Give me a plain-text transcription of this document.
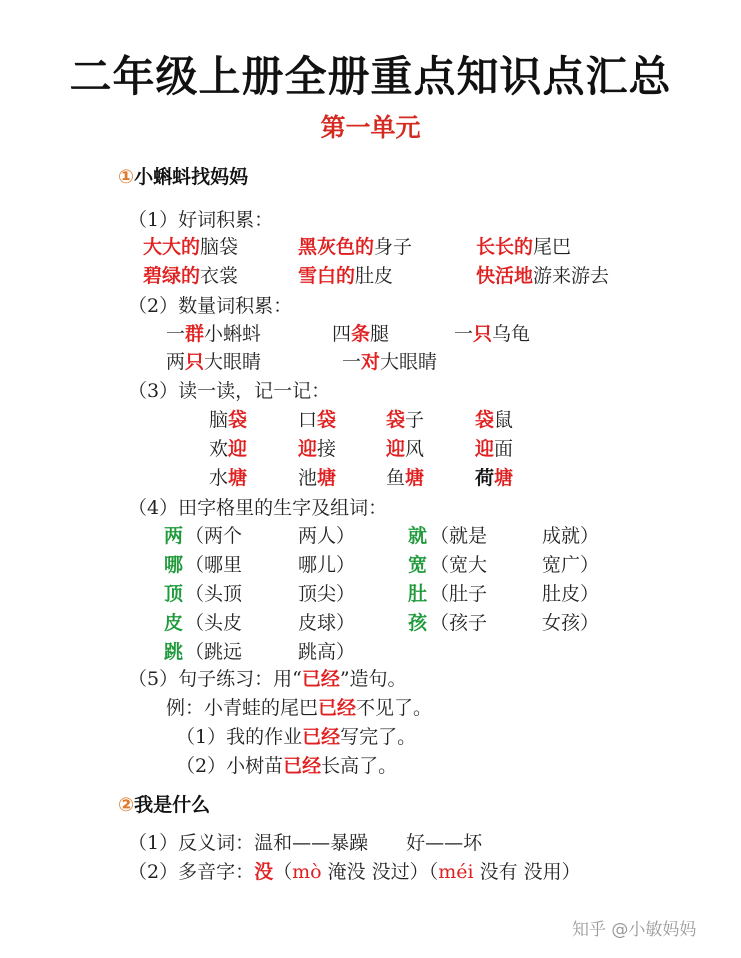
二年级上册全册重点知识点汇总
第一单元
①小蝌蚪找妈妈
（1）好词积累：
大大的脑袋	黑灰色的身子	长长的尾巴
碧绿的衣裳	雪白的肚皮	快活地游来游去
（2）数量词积累：
一群小蝌蚪	四条腿	一只乌龟
两只大眼睛	一对大眼睛
（3）读一读，记一记：
脑袋	口袋	袋子	袋鼠
欢迎	迎接	迎风	迎面
水塘	池塘	鱼塘	荷塘
（4）田字格里的生字及组词：
两 （两个	两人）	就 （就是	成就）
哪 （哪里	哪儿）	宽 （宽大	宽广）
顶 （头顶	顶尖）	肚 （肚子	肚皮）
皮 （头皮	皮球）	孩 （孩子	女孩）
跳 （跳远	跳高）
（5）句子练习：用“已经”造句。
例：小青蛙的尾巴已经不见了。
（1）我的作业已经写完了。
（2）小树苗已经长高了。
②我是什么
（1）反义词：温和——暴躁　　好——坏
（2）多音字：没（mò 淹没 没过）（méi 没有 没用）
知乎 @小敏妈妈
